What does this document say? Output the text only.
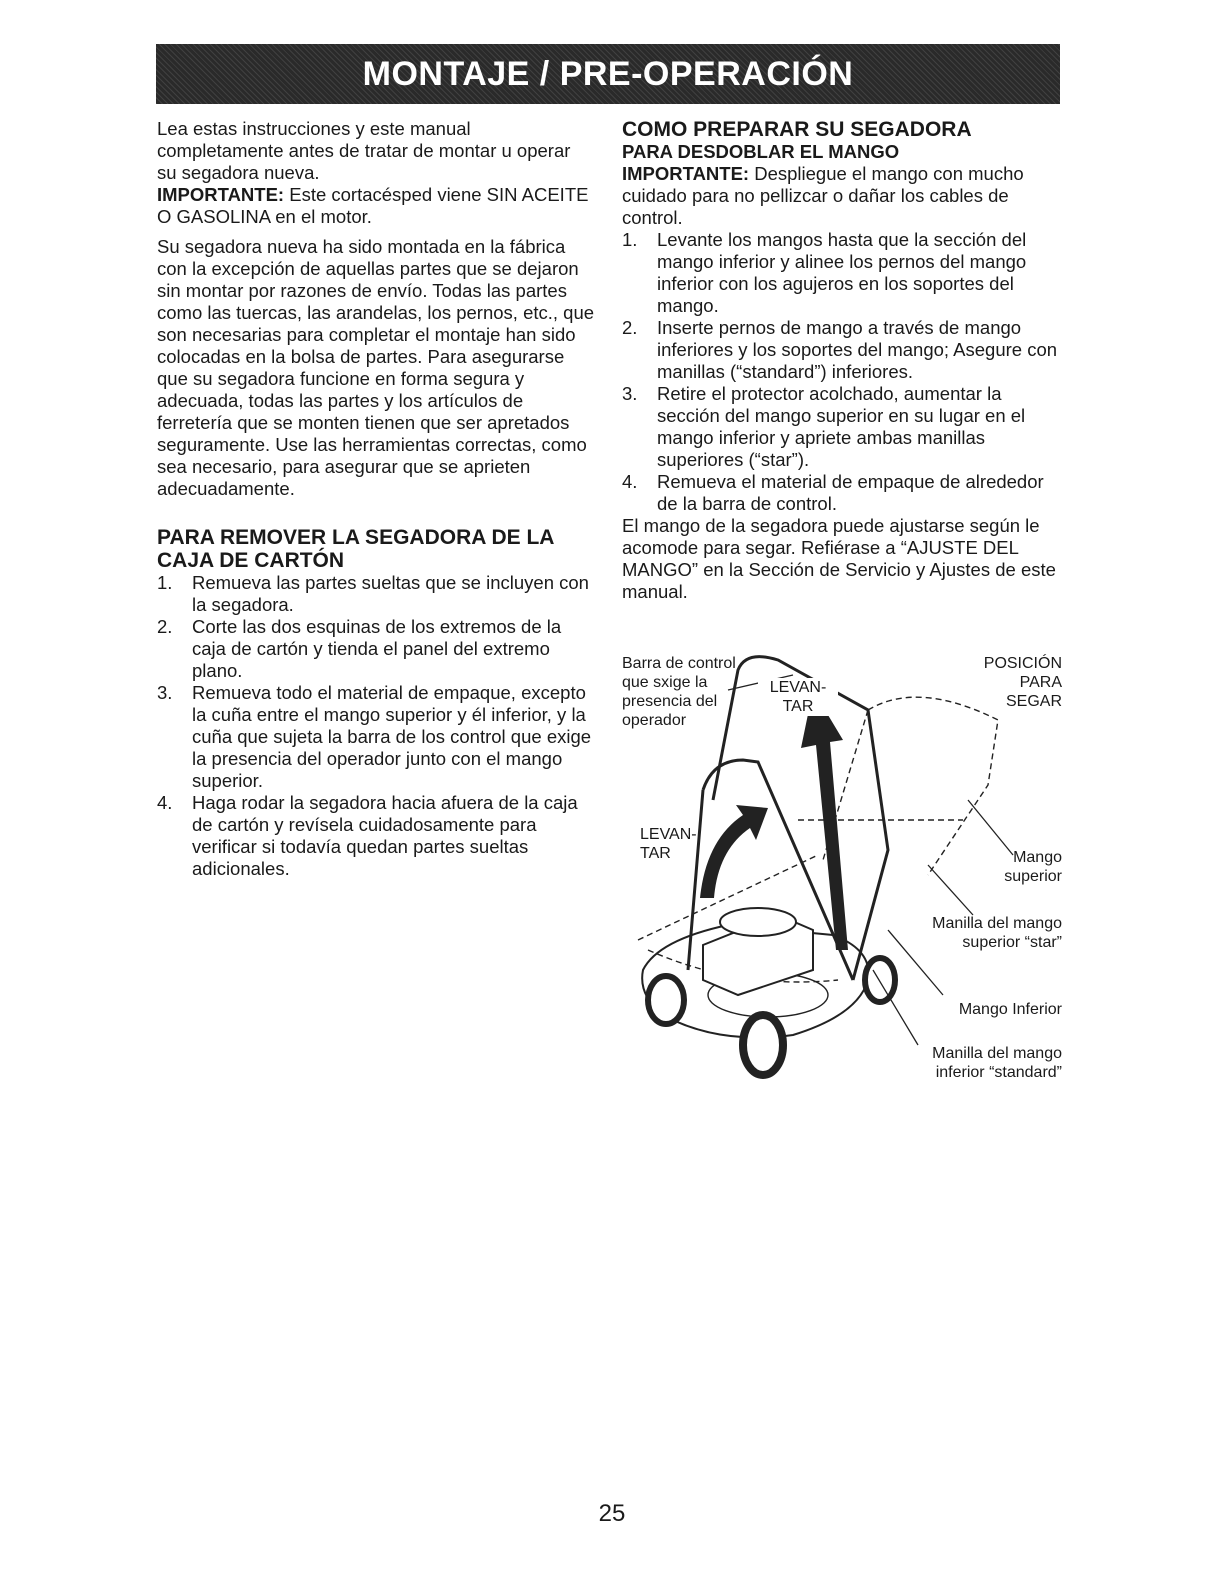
MONTAJE / PRE-OPERACIÓN

Lea estas instrucciones y este manual completamente antes de tratar de montar u operar su segadora nueva.

IMPORTANTE: Este cortacésped viene SIN ACEITE O GASOLINA en el motor.

Su segadora nueva ha sido montada en la fábrica con la excepción de aquellas partes que se dejaron sin montar por razones de envío. Todas las partes como las tuercas, las arandelas, los pernos, etc., que son necesarias para completar el montaje han sido colocadas en la bolsa de partes. Para asegurarse que su segadora funcione en forma segura y adecuada, todas las partes y los artículos de ferretería que se monten tienen que ser apretados seguramente. Use las herramientas correctas, como sea necesario, para asegurar que se aprieten adecuadamente.

PARA REMOVER LA SEGADORA DE LA CAJA DE CARTÓN
1.	Remueva las partes sueltas que se incluyen con la segadora.
2.	Corte las dos esquinas de los extremos de la caja de cartón y tienda el panel del extremo plano.
3.	Remueva todo el material de empaque, excepto la cuña entre el mango superior y él inferior, y la cuña que sujeta la barra de los control que exige la presencia del operador junto con el mango superior.
4.	Haga rodar la segadora hacia afuera de la caja de cartón y revísela cuidadosamente para verificar si todavía quedan partes sueltas adicionales.
COMO PREPARAR SU SEGADORA
PARA DESDOBLAR EL MANGO

IMPORTANTE: Despliegue el mango con mucho cuidado para no pellizcar o dañar los cables de control.

1.	Levante los mangos hasta que la sección del mango inferior y alinee los pernos del mango inferior con los agujeros en los soportes del mango.
2.	Inserte pernos de mango a través de mango inferiores y los soportes del mango; Asegure con manillas (“standard”) inferiores.
3.	Retire el protector acolchado, aumentar la sección del mango superior en su lugar en el mango inferior y apriete ambas manillas superiores (“star”).
4.	Remueva el material de empaque de alrededor de la barra de control.

El mango de la segadora puede ajustarse según le acomode para segar. Refiérase a “AJUSTE DEL MANGO” en la Sección de Servicio y Ajustes de este manual.

Barra de control que sxige la presencia del operador
LEVAN-TAR
LEVAN-TAR
POSICIÓN PARA SEGAR
Mango superior
Manilla del mango superior “star”
Mango Inferior
Manilla del mango inferior “standard”
25
